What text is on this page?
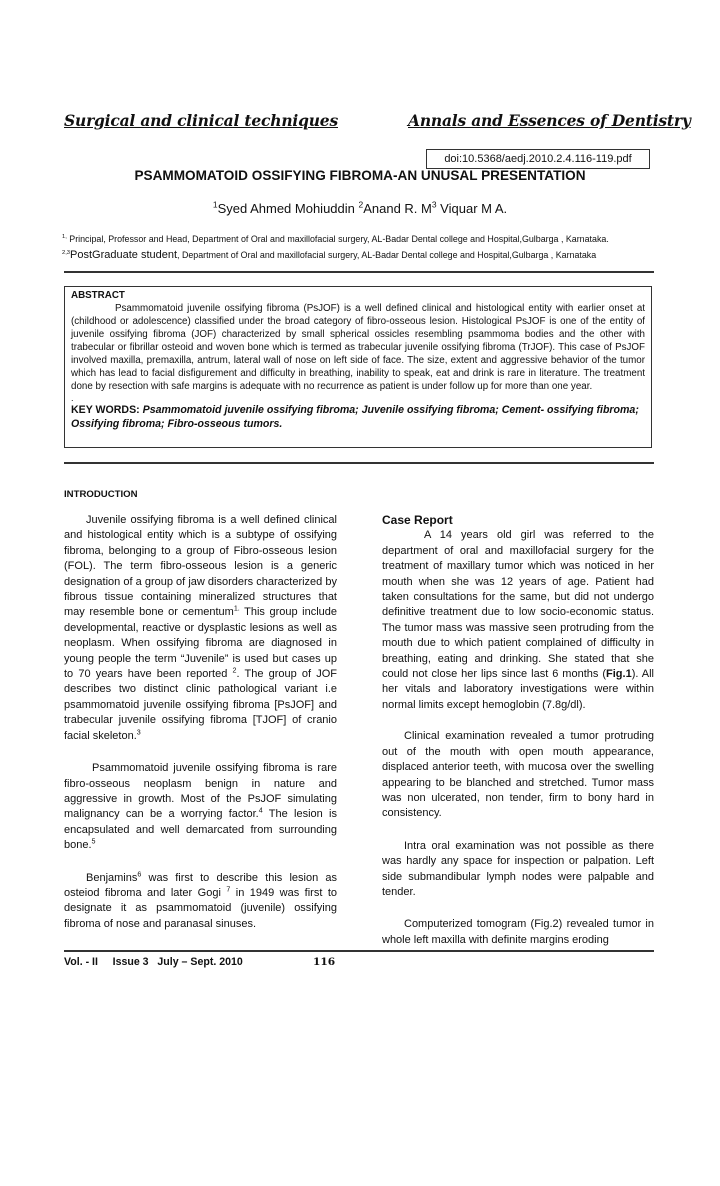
Surgical and clinical techniques	Annals and Essences of Dentistry
doi:10.5368/aedj.2010.2.4.116-119.pdf
PSAMMOMATOID OSSIFYING FIBROMA-AN UNUSAL PRESENTATION
$^1$Syed Ahmed Mohiuddin $^2$Anand R. $M^3$ Viquar M A.
$^{1,}$ Principal, Professor and Head, Department of Oral and maxillofacial surgery, AL-Badar Dental college and Hospital,Gulbarga , Karnataka.
$^{2,3}$PostGraduate student, Department of Oral and maxillofacial surgery, AL-Badar Dental college and Hospital,Gulbarga , Karnataka
ABSTRACT

Psammomatoid juvenile ossifying fibroma (PsJOF) is a well defined clinical and histological entity with earlier onset at (childhood or adolescence) classified under the broad category of fibro-osseous lesion. Histological PsJOF is one of the entity of juvenile ossifying fibroma (JOF) characterized by small spherical ossicles resembling psammoma bodies and the other with trabecular or fibrillar osteoid and woven bone which is termed as trabecular juvenile ossifying fibroma (TrJOF). This case of PsJOF involved maxilla, premaxilla, antrum, lateral wall of nose on left side of face. The size, extent and aggressive behavior of the tumor which has lead to facial disfigurement and difficulty in breathing, inability to speak, eat and drink is rare in literature. The treatment done by resection with safe margins is adequate with no recurrence as patient is under follow up for more than one year.

.
KEY WORDS: Psammomatoid juvenile ossifying fibroma; Juvenile ossifying fibroma; Cement- ossifying fibroma; Ossifying fibroma; Fibro-osseous tumors.
INTRODUCTION

Juvenile ossifying fibroma is a well defined clinical and histological entity which is a subtype of ossifying fibroma, belonging to a group of Fibro-osseous lesion (FOL). The term fibro-osseous lesion is a generic designation of a group of jaw disorders characterized by fibrous tissue containing mineralized structures that may resemble bone or cementum$^{1.}$ This group include developmental, reactive or dysplastic lesions as well as neoplasm. When ossifying fibroma are diagnosed in young people the term “Juvenile” is used but cases up to 70 years have been reported $^2$. The group of JOF describes two distinct clinic pathological variant i.e psammomatoid juvenile ossifying fibroma [PsJOF] and trabecular juvenile ossifying fibroma [TJOF] of cranio facial skeleton.$^3$

Psammomatoid juvenile ossifying fibroma is rare fibro-osseous neoplasm benign in nature and aggressive in growth. Most of the PsJOF simulating malignancy can be a worrying factor.$^4$ The lesion is encapsulated and well demarcated from surrounding bone.$^5$

Benjamins$^6$ was first to describe this lesion as osteiod fibroma and later Gogi $^7$ in 1949 was first to designate it as psammomatoid (juvenile) ossifying fibroma of nose and paranasal sinuses.

Case Report

A 14 years old girl was referred to the department of oral and maxillofacial surgery for the treatment of maxillary tumor which was noticed in her mouth when she was 12 years of age. Patient had taken consultations for the same, but did not undergo definitive treatment due to low socio-economic status. The tumor mass was massive seen protruding from the mouth due to which patient complained of difficulty in breathing, eating and drinking. She stated that she could not close her lips since last 6 months (Fig.1). All her vitals and laboratory investigations were within normal limits except hemoglobin (7.8g/dl).

Clinical examination revealed a tumor protruding out of the mouth with open mouth appearance, displaced anterior teeth, with mucosa over the swelling appearing to be blanched and stretched. Tumor mass was non ulcerated, non tender, firm to bony hard in consistency.

Intra oral examination was not possible as there was hardly any space for inspection or palpation. Left side submandibular lymph nodes were palpable and tender.

Computerized tomogram (Fig.2) revealed tumor in whole left maxilla with definite margins eroding

Vol. - II     Issue 3   July – Sept. 2010	116
